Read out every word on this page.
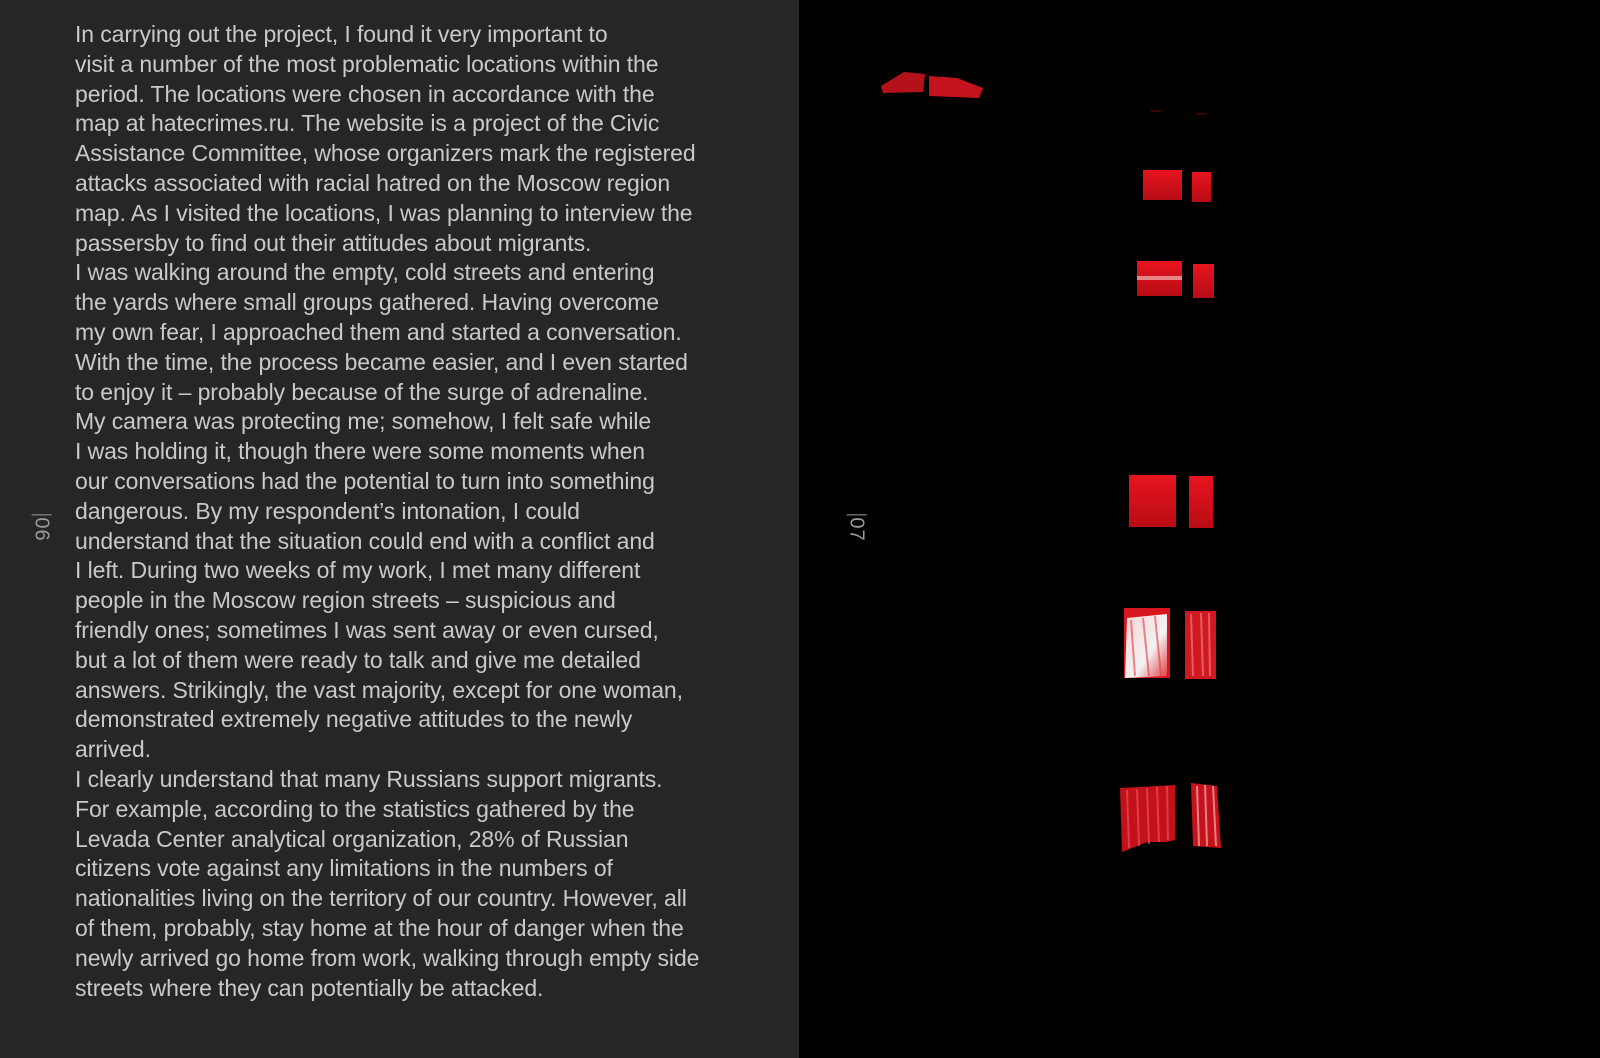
06

In carrying out the project, I found it very important to
visit a number of the most problematic locations within the
period. The locations were chosen in accordance with the
map at hatecrimes.ru. The website is a project of the Civic
Assistance Committee, whose organizers mark the registered
attacks associated with racial hatred on the Moscow region
map. As I visited the locations, I was planning to interview the
passersby to find out their attitudes about migrants.

I was walking around the empty, cold streets and entering
the yards where small groups gathered. Having overcome
my own fear, I approached them and started a conversation.
With the time, the process became easier, and I even started
to enjoy it – probably because of the surge of adrenaline.
My camera was protecting me; somehow, I felt safe while
I was holding it, though there were some moments when
our conversations had the potential to turn into something
dangerous. By my respondent’s intonation, I could
understand that the situation could end with a conflict and
I left. During two weeks of my work, I met many different
people in the Moscow region streets – suspicious and
friendly ones; sometimes I was sent away or even cursed,
but a lot of them were ready to talk and give me detailed
answers. Strikingly, the vast majority, except for one woman,
demonstrated extremely negative attitudes to the newly
arrived.

I clearly understand that many Russians support migrants.
For example, according to the statistics gathered by the
Levada Center analytical organization, 28% of Russian
citizens vote against any limitations in the numbers of
nationalities living on the territory of our country. However, all
of them, probably, stay home at the hour of danger when the
newly arrived go home from work, walking through empty side
streets where they can potentially be attacked.

07
